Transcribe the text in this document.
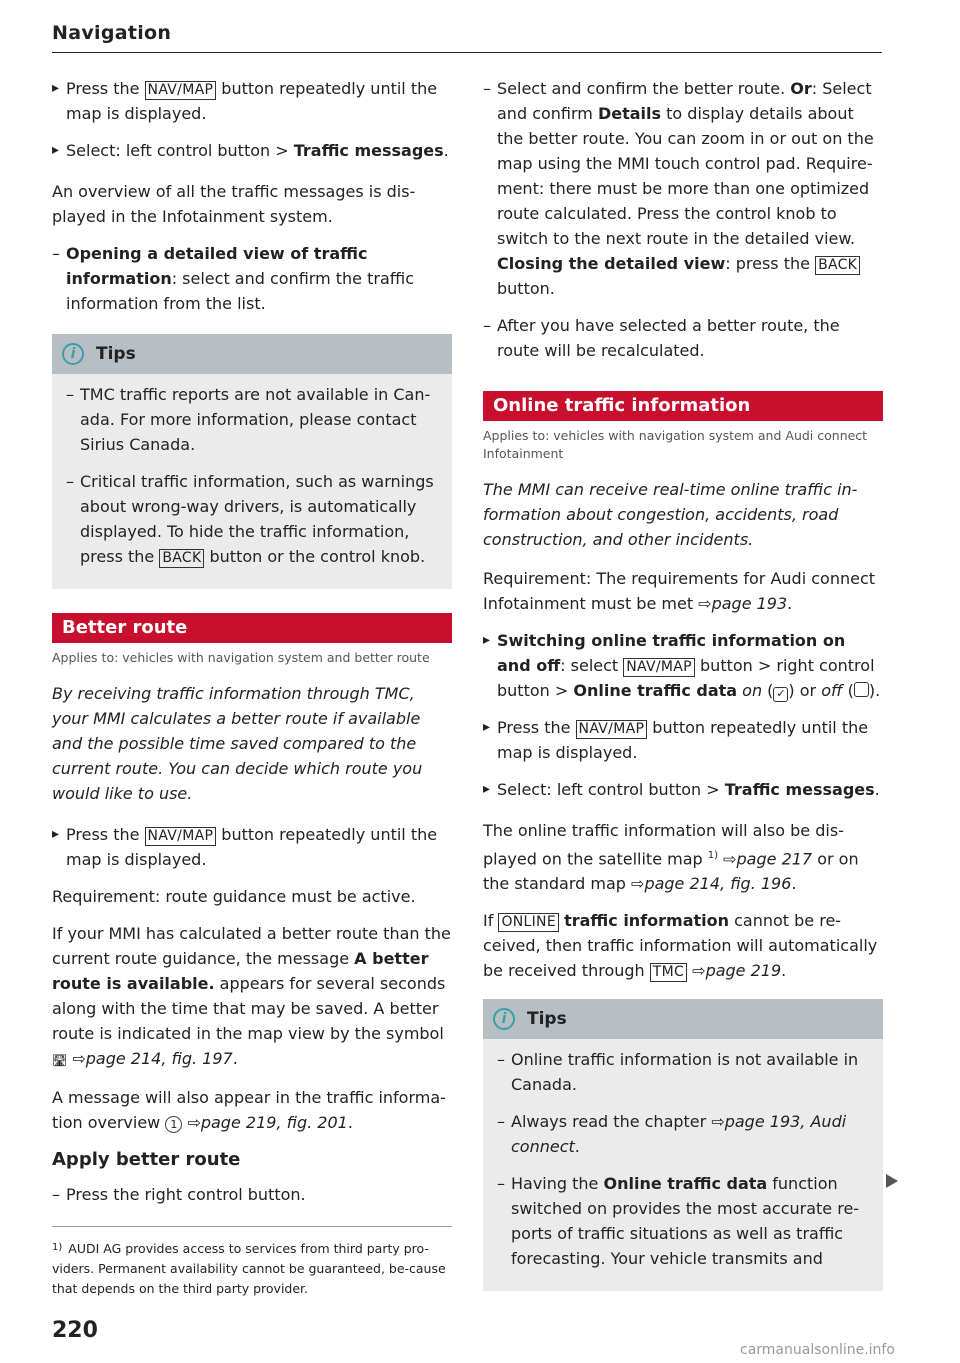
Navigation

▸ Press the NAV/MAP button repeatedly until the map is displayed.

▸ Select: left control button > Traffic messages.

An overview of all the traffic messages is dis-played in the Infotainment system.

– Opening a detailed view of traffic information: select and confirm the traffic information from the list.

i	Tips

– TMC traffic reports are not available in Can-ada. For more information, please contact Sirius Canada.

– Critical traffic information, such as warnings about wrong-way drivers, is automatically displayed. To hide the traffic information, press the BACK button or the control knob.

Better route
Applies to: vehicles with navigation system and better route

By receiving traffic information through TMC, your MMI calculates a better route if available and the possible time saved compared to the current route. You can decide which route you would like to use.

▸ Press the NAV/MAP button repeatedly until the map is displayed.

Requirement: route guidance must be active.

If your MMI has calculated a better route than the current route guidance, the message A better route is available. appears for several seconds along with the time that may be saved. A better route is indicated in the map view by the symbol 🛣 ⇨page 214, fig. 197.

A message will also appear in the traffic informa-tion overview 1 ⇨page 219, fig. 201.

Apply better route

– Press the right control button.

$^{1)}$ AUDI AG provides access to services from third party pro-viders. Permanent availability cannot be guaranteed, be-cause that depends on the third party provider.
220

– Select and confirm the better route. Or: Select and confirm Details to display details about the better route. You can zoom in or out on the map using the MMI touch control pad. Require-ment: there must be more than one optimized route calculated. Press the control knob to switch to the next route in the detailed view. Closing the detailed view: press the BACK button.

– After you have selected a better route, the route will be recalculated.

Online traffic information
Applies to: vehicles with navigation system and Audi connect Infotainment

The MMI can receive real-time online traffic in-formation about congestion, accidents, road construction, and other incidents.

Requirement: The requirements for Audi connect Infotainment must be met ⇨page 193.

▸ Switching online traffic information on and off: select NAV/MAP button > right control button > Online traffic data on ( ✓ ) or off ( ).

▸ Press the NAV/MAP button repeatedly until the map is displayed.

▸ Select: left control button > Traffic messages.

The online traffic information will also be dis-played on the satellite map $^{1)}$ ⇨page 217 or on the standard map ⇨page 214, fig. 196.

If ONLINE traffic information cannot be re-ceived, then traffic information will automatically be received through TMC ⇨page 219.

i	Tips

– Online traffic information is not available in Canada.

– Always read the chapter ⇨page 193, Audi connect.

– Having the Online traffic data function switched on provides the most accurate re-ports of traffic situations as well as traffic forecasting. Your vehicle transmits and

carmanualsonline.info
